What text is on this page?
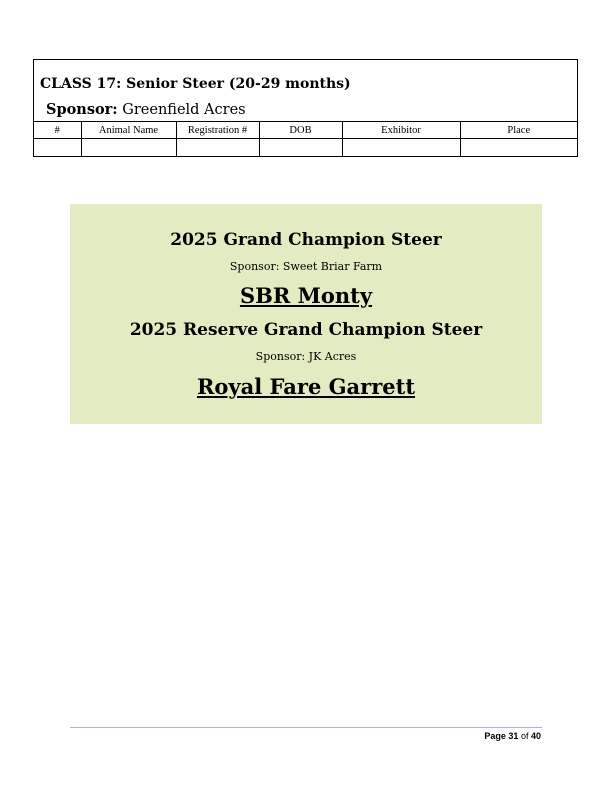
CLASS 17: Senior Steer (20-29 months)
Sponsor: Greenfield Acres
#	Animal Name	Registration #	DOB	Exhibitor	Place

2025 Grand Champion Steer
Sponsor: Sweet Briar Farm
SBR Monty
2025 Reserve Grand Champion Steer
Sponsor: JK Acres
Royal Fare Garrett
Page 31 of 40
